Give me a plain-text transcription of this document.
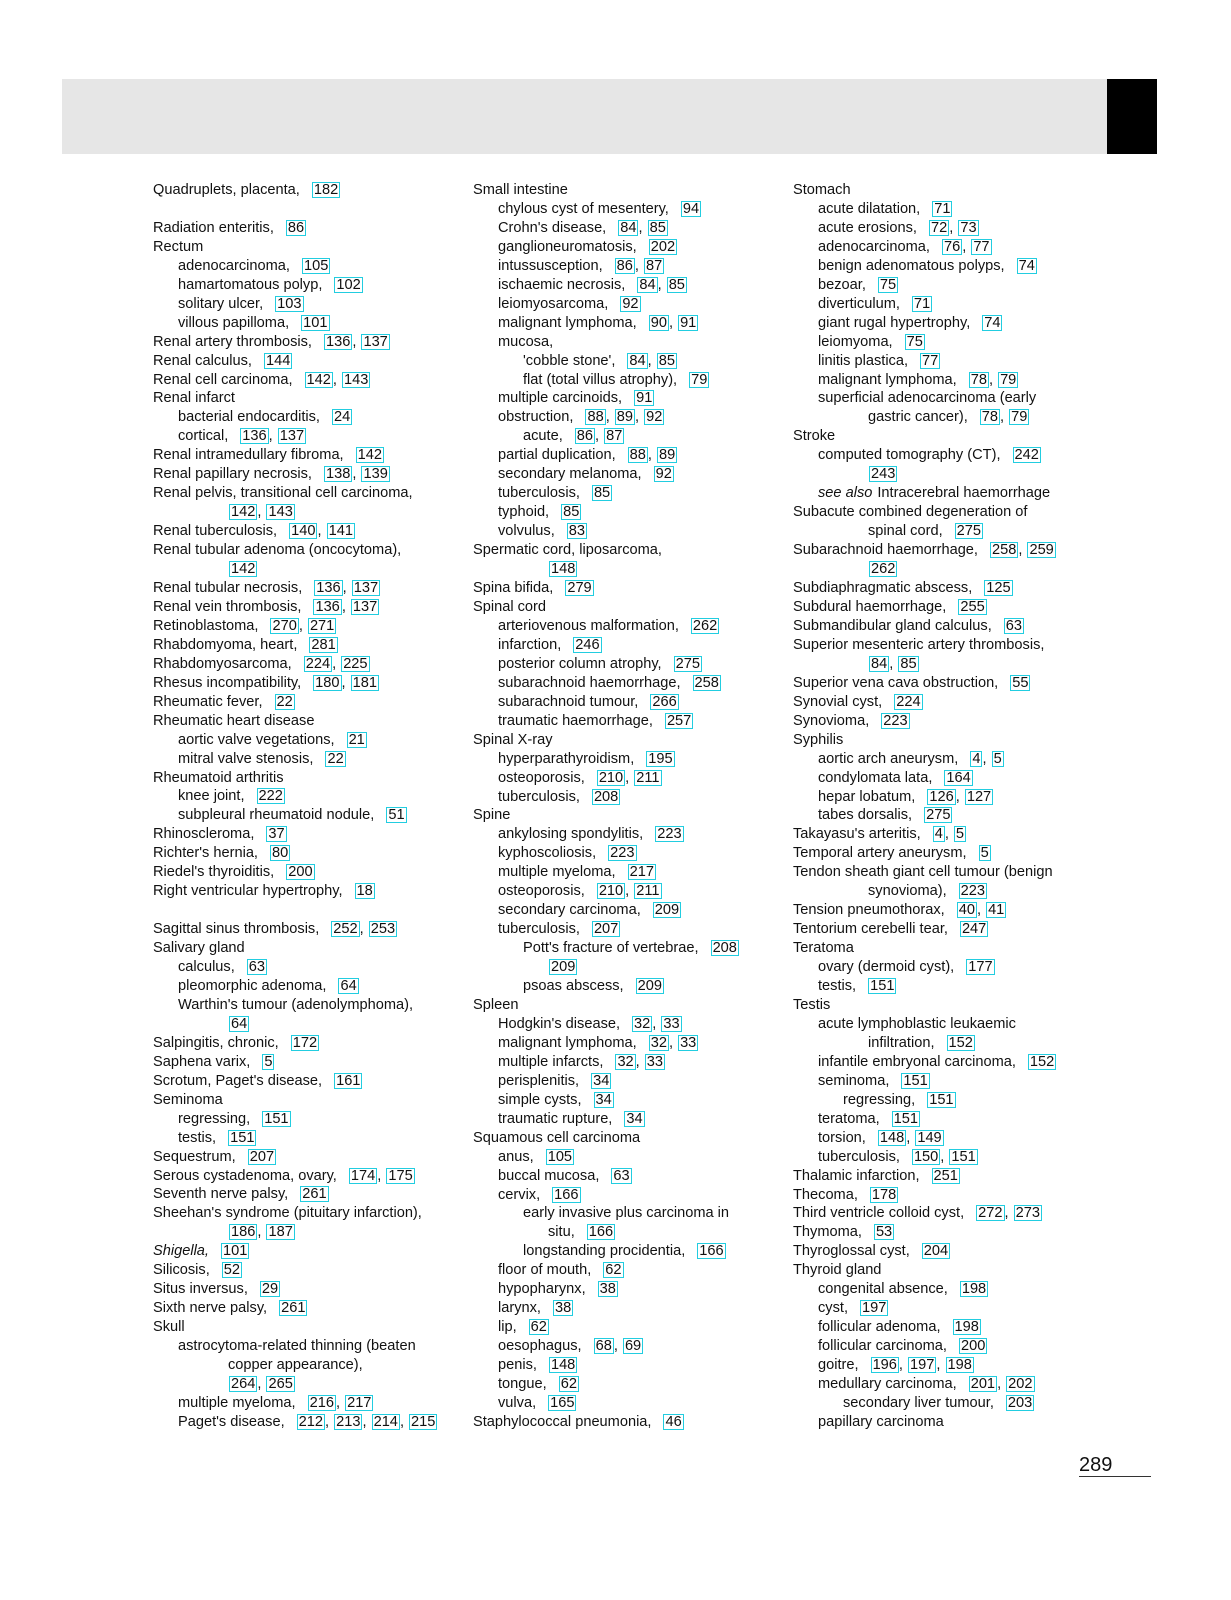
Quadruplets, placenta, 182
Radiation enteritis, 86
Rectum
adenocarcinoma, 105
hamartomatous polyp, 102
solitary ulcer, 103
villous papilloma, 101
Renal artery thrombosis, 136 , 137
Renal calculus, 144
Renal cell carcinoma, 142 , 143
Renal infarct
bacterial endocarditis, 24
cortical, 136 , 137
Renal intramedullary fibroma, 142
Renal papillary necrosis, 138 , 139
Renal pelvis, transitional cell carcinoma,
142 , 143
Renal tuberculosis, 140 , 141
Renal tubular adenoma (oncocytoma),
142
Renal tubular necrosis, 136 , 137
Renal vein thrombosis, 136 , 137
Retinoblastoma, 270 , 271
Rhabdomyoma, heart, 281
Rhabdomyosarcoma, 224 , 225
Rhesus incompatibility, 180 , 181
Rheumatic fever, 22
Rheumatic heart disease
aortic valve vegetations, 21
mitral valve stenosis, 22
Rheumatoid arthritis
knee joint, 222
subpleural rheumatoid nodule, 51
Rhinoscleroma, 37
Richter's hernia, 80
Riedel's thyroiditis, 200
Right ventricular hypertrophy, 18
Sagittal sinus thrombosis, 252 , 253
Salivary gland
calculus, 63
pleomorphic adenoma, 64
Warthin's tumour (adenolymphoma),
64
Salpingitis, chronic, 172
Saphena varix, 5
Scrotum, Paget's disease, 161
Seminoma
regressing, 151
testis, 151
Sequestrum, 207
Serous cystadenoma, ovary, 174 , 175
Seventh nerve palsy, 261
Sheehan's syndrome (pituitary infarction),
186 , 187
Shigella, 101
Silicosis, 52
Situs inversus, 29
Sixth nerve palsy, 261
Skull
astrocytoma-related thinning (beaten
copper appearance),
264 , 265
multiple myeloma, 216 , 217
Paget's disease, 212 , 213 , 214 , 215
Small intestine
chylous cyst of mesentery, 94
Crohn's disease, 84 , 85
ganglioneuromatosis, 202
intussusception, 86 , 87
ischaemic necrosis, 84 , 85
leiomyosarcoma, 92
malignant lymphoma, 90 , 91
mucosa,
'cobble stone', 84 , 85
flat (total villus atrophy), 79
multiple carcinoids, 91
obstruction, 88 , 89 , 92
acute, 86 , 87
partial duplication, 88 , 89
secondary melanoma, 92
tuberculosis, 85
typhoid, 85
volvulus, 83
Spermatic cord, liposarcoma,
148
Spina bifida, 279
Spinal cord
arteriovenous malformation, 262
infarction, 246
posterior column atrophy, 275
subarachnoid haemorrhage, 258
subarachnoid tumour, 266
traumatic haemorrhage, 257
Spinal X-ray
hyperparathyroidism, 195
osteoporosis, 210 , 211
tuberculosis, 208
Spine
ankylosing spondylitis, 223
kyphoscoliosis, 223
multiple myeloma, 217
osteoporosis, 210 , 211
secondary carcinoma, 209
tuberculosis, 207
Pott's fracture of vertebrae, 208
209
psoas abscess, 209
Spleen
Hodgkin's disease, 32 , 33
malignant lymphoma, 32 , 33
multiple infarcts, 32 , 33
perisplenitis, 34
simple cysts, 34
traumatic rupture, 34
Squamous cell carcinoma
anus, 105
buccal mucosa, 63
cervix, 166
early invasive plus carcinoma in
situ, 166
longstanding procidentia, 166
floor of mouth, 62
hypopharynx, 38
larynx, 38
lip, 62
oesophagus, 68 , 69
penis, 148
tongue, 62
vulva, 165
Staphylococcal pneumonia, 46
Stomach
acute dilatation, 71
acute erosions, 72 , 73
adenocarcinoma, 76 , 77
benign adenomatous polyps, 74
bezoar, 75
diverticulum, 71
giant rugal hypertrophy, 74
leiomyoma, 75
linitis plastica, 77
malignant lymphoma, 78 , 79
superficial adenocarcinoma (early
gastric cancer), 78 , 79
Stroke
computed tomography (CT), 242
243
see also Intracerebral haemorrhage
Subacute combined degeneration of
spinal cord, 275
Subarachnoid haemorrhage, 258 , 259
262
Subdiaphragmatic abscess, 125
Subdural haemorrhage, 255
Submandibular gland calculus, 63
Superior mesenteric artery thrombosis,
84 , 85
Superior vena cava obstruction, 55
Synovial cyst, 224
Synovioma, 223
Syphilis
aortic arch aneurysm, 4 , 5
condylomata lata, 164
hepar lobatum, 126 , 127
tabes dorsalis, 275
Takayasu's arteritis, 4 , 5
Temporal artery aneurysm, 5
Tendon sheath giant cell tumour (benign
synovioma), 223
Tension pneumothorax, 40 , 41
Tentorium cerebelli tear, 247
Teratoma
ovary (dermoid cyst), 177
testis, 151
Testis
acute lymphoblastic leukaemic
infiltration, 152
infantile embryonal carcinoma, 152
seminoma, 151
regressing, 151
teratoma, 151
torsion, 148 , 149
tuberculosis, 150 , 151
Thalamic infarction, 251
Thecoma, 178
Third ventricle colloid cyst, 272 , 273
Thymoma, 53
Thyroglossal cyst, 204
Thyroid gland
congenital absence, 198
cyst, 197
follicular adenoma, 198
follicular carcinoma, 200
goitre, 196 , 197 , 198
medullary carcinoma, 201 , 202
secondary liver tumour, 203
papillary carcinoma
289
